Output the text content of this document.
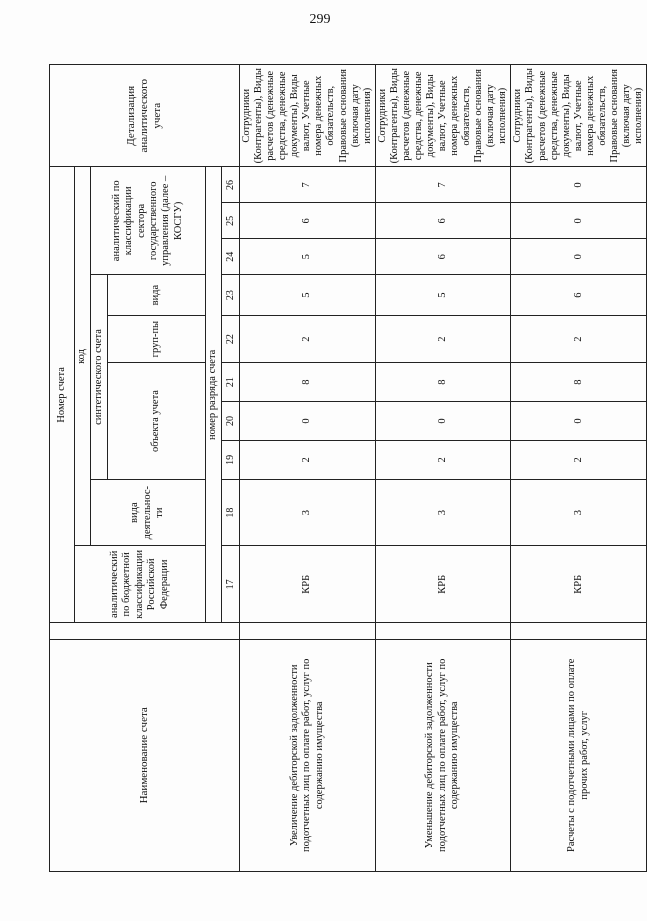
299
Наименование счета		Номер счета										Детализация аналитического учета
		аналитический по бюджетной классификации Российской Федерации	код									
			вида деятельнос-ти	синтетического счета					аналитический по классификации сектора государственного управления (далее – КОСГУ)			
				объекта учета			груп-пы	вида				
		номер разряда счета										
		17	18	19	20	21	22	23	24	25	26	
Увеличение дебиторской задолженности подотчетных лиц по оплате работ, услуг по содержанию имущества		КРБ	3	2	0	8	2	5	5	6	7	Сотрудники (Контрагенты), Виды расчетов (денежные средства, денежные документы), Виды валют, Учетные номера денежных обязательств, Правовые основания (включая дату исполнения)
Уменьшение дебиторской задолженности подотчетных лиц по оплате работ, услуг по содержанию имущества		КРБ	3	2	0	8	2	5	6	6	7	Сотрудники (Контрагенты), Виды расчетов (денежные средства, денежные документы), Виды валют, Учетные номера денежных обязательств, Правовые основания (включая дату исполнения)
Расчеты с подотчетными лицами по оплате прочих работ, услуг		КРБ	3	2	0	8	2	6	0	0	0	Сотрудники (Контрагенты), Виды расчетов (денежные средства, денежные документы), Виды валют, Учетные номера денежных обязательств, Правовые основания (включая дату исполнения)
